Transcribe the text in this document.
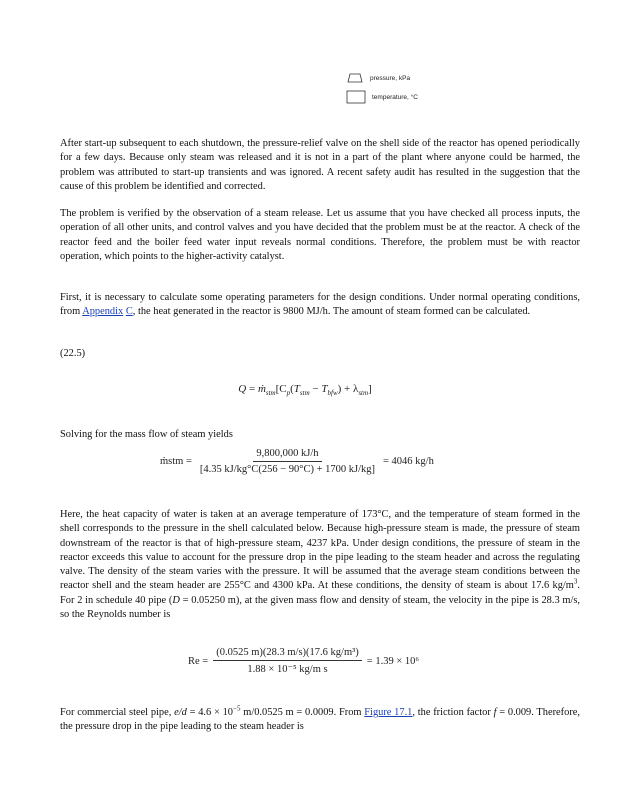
pressure, kPa
temperature, °C

After start-up subsequent to each shutdown, the pressure-relief valve on the shell side of the reactor has opened periodically for a few days. Because only steam was released and it is not in a part of the plant where anyone could be harmed, the problem was attributed to start-up transients and was ignored. A recent safety audit has resulted in the suggestion that the cause of this problem be identified and corrected.

The problem is verified by the observation of a steam release. Let us assume that you have checked all process inputs, the operation of all other units, and control valves and you have decided that the problem must be at the reactor. A check of the reactor feed and the boiler feed water input reveals normal conditions. Therefore, the problem must be with reactor operation, which points to the higher-activity catalyst.

First, it is necessary to calculate some operating parameters for the design conditions. Under normal operating conditions, from Appendix C, the heat generated in the reactor is 9800 MJ/h. The amount of steam formed can be calculated.

(22.5)

$Q = ṁ_{stm}[C_p(T_{stm} - T_{bfw}) + \lambda_{stm}]$

Solving for the mass flow of steam yields

ṁstm = $\frac{9,800,000 kJ/h}{[4.35 kJ/kg^\circ C(256 - 90^\circ C) + 1700 kJ/kg]} = 4046$ kg/h

Here, the heat capacity of water is taken at an average temperature of 173°C, and the temperature of steam formed in the shell corresponds to the pressure in the shell calculated below. Because high-pressure steam is made, the pressure of steam downstream of the reactor is that of high-pressure steam, 4237 kPa. Under design conditions, the pressure of steam in the reactor exceeds this value to account for the pressure drop in the pipe leading to the steam header and across the regulating valve. The density of the steam varies with the pressure. It will be assumed that the average steam conditions between the reactor shell and the steam header are 255°C and 4300 kPa. At these conditions, the density of steam is about 17.6 $kg/m^3$. For 2 in schedule 40 pipe (D = 0.05250 m), at the given mass flow and density of steam, the velocity in the pipe is 28.3 m/s, so the Reynolds number is

$Re = \frac{\text{(0.0525 m)(28.3 m/s)(17.6 kg/m³)}}{\text{1.88 × 10⁻⁵ kg/m s}} = 1.39 \times 10^6$

For commercial steel pipe, $e/d = 4.6 \times 10^{-5}$ m/0.0525 m = 0.0009. From Figure 17.1, the friction factor f = 0.009. Therefore, the pressure drop in the pipe leading to the steam header is
